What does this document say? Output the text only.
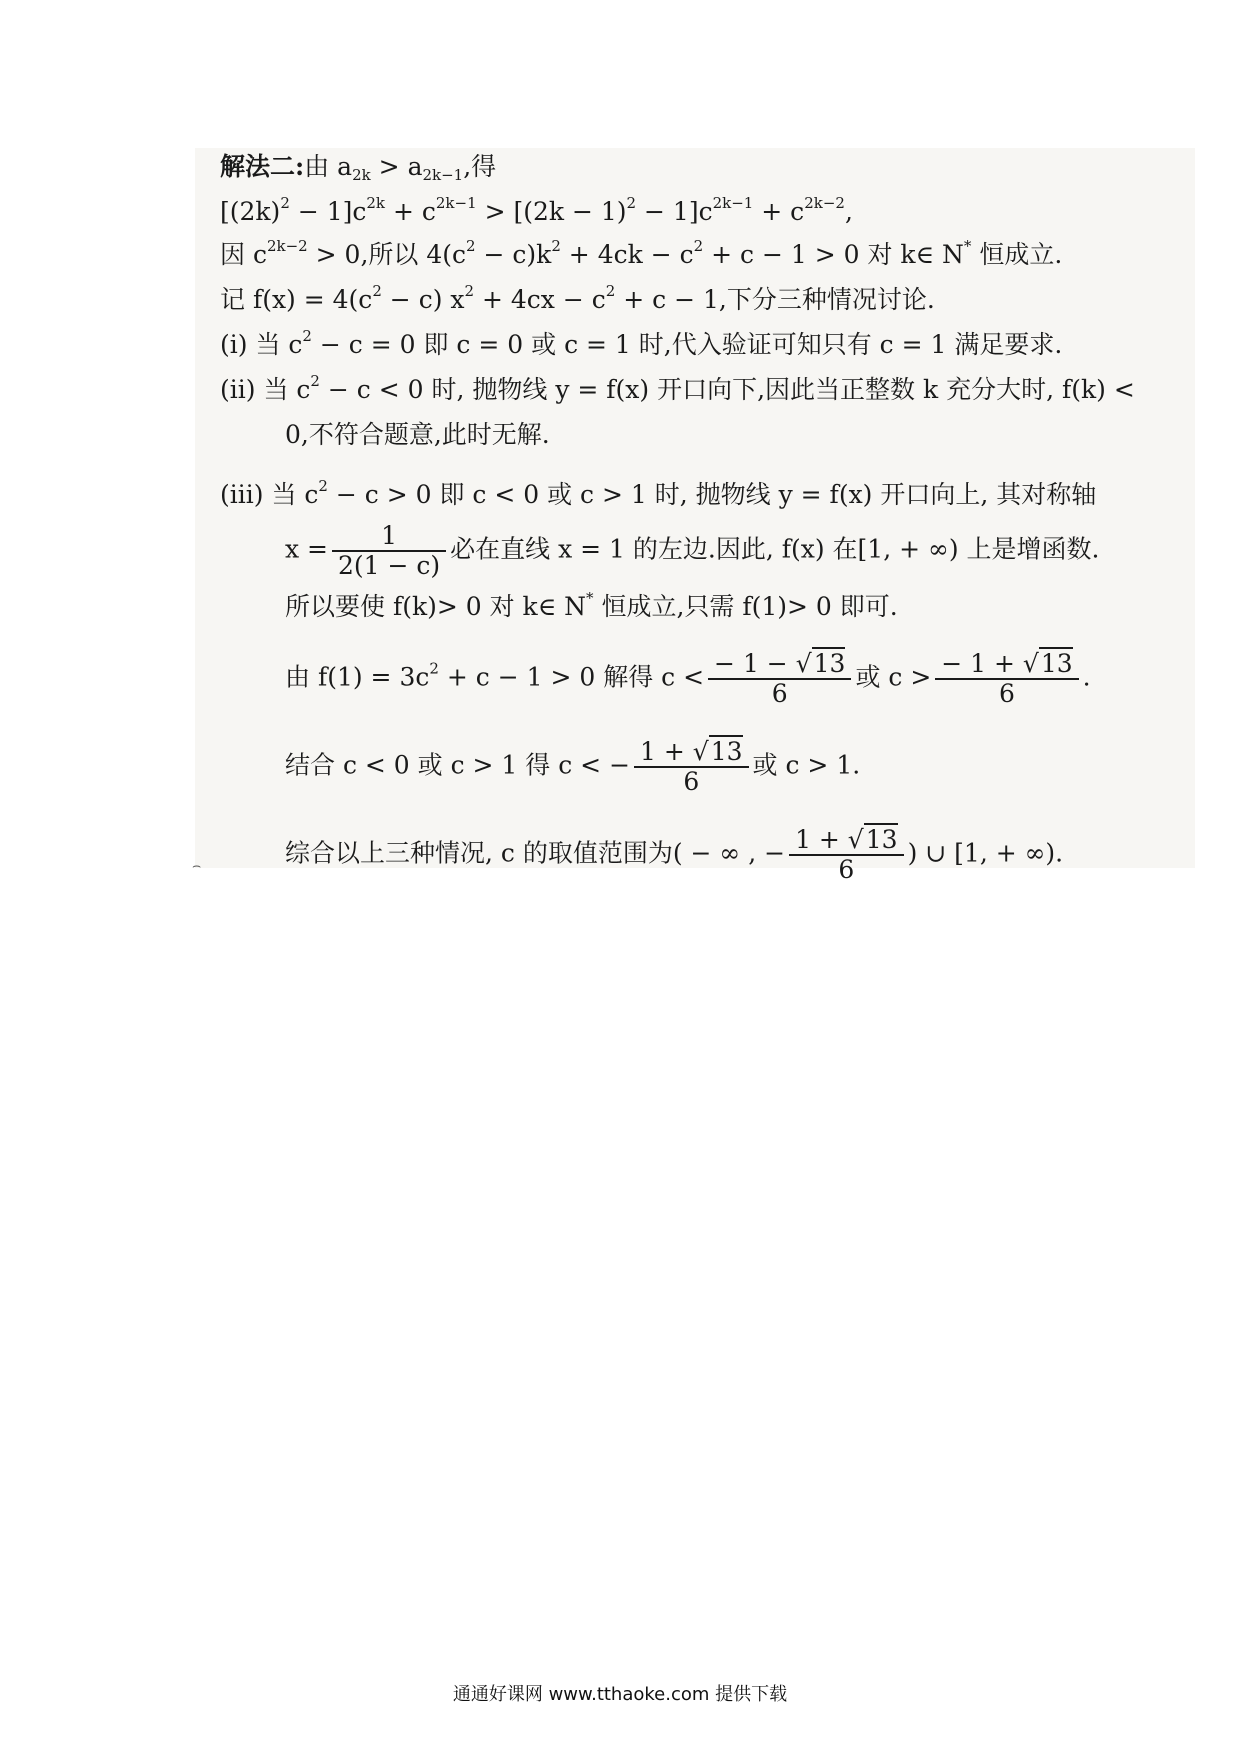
解法二:由 $a_{2k} > a_{2k-1}$,得
$[(2k)^2 - 1]c^{2k} + c^{2k-1} > [(2k - 1)^2 - 1]c^{2k-1} + c^{2k-2}$,
因 $c^{2k-2} > 0$,所以 $4(c^2 - c)k^2 + 4ck - c^2 + c - 1 > 0$ 对 k∈ N* 恒成立.
记 $f(x) = 4(c^2 - c) x^2 + 4cx - c^2 + c - 1$,下分三种情况讨论.
(ⅰ) 当 $c^2 - c = 0$ 即 c = 0 或 c = 1 时,代入验证可知只有 c = 1 满足要求.
(ⅱ) 当 $c^2 - c < 0$ 时, 抛物线 y = f(x) 开口向下,因此当正整数 k 充分大时, f(k) <
0,不符合题意,此时无解.
(ⅲ) 当 $c^2 - c > 0$ 即 c < 0 或 c > 1 时, 抛物线 y = f(x) 开口向上, 其对称轴
$x = \frac{1}{2(1 - c)}$ 必在直线 x = 1 的左边.因此, f(x) 在[1, + ∞) 上是增函数.
所以要使 f(k)> 0 对 k∈ N* 恒成立,只需 f(1)> 0 即可.
由 $f(1) = 3c^2 + c - 1 > 0$ 解得 $c < \frac{- 1 - √13}{6}$ 或 $c > \frac{- 1 + √13}{6}$ .
结合 c < 0 或 c > 1 得 c < − $\frac{1 + √13}{6}$ 或 c > 1.
综合以上三种情况, c 的取值范围为( − ∞ , − $\frac{1 + √13}{6}$ ) ∪ [1, + ∞).
⌢
通通好课网 www.tthaoke.com 提供下载
